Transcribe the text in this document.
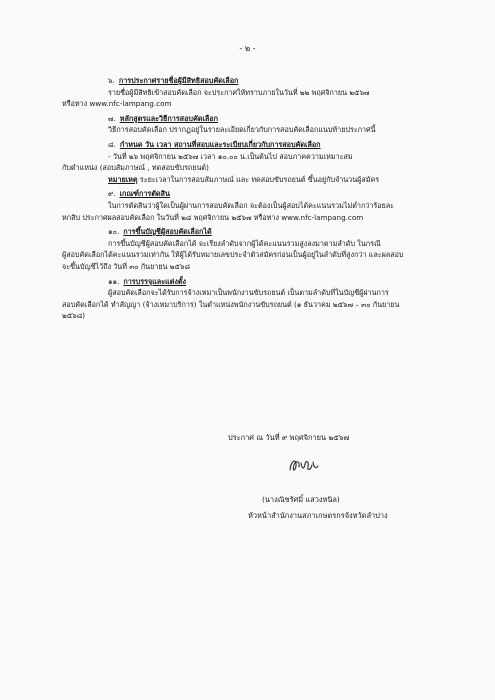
- ๒ -
๖. การประกาศรายชื่อผู้มีสิทธิสอบคัดเลือก

รายชื่อผู้มีสิทธิเข้าสอบคัดเลือก จะประกาศให้ทราบภายในวันที่ ๒๒ พฤศจิกายน ๒๕๖๗

หรือทาง www.nfc-lampang.com

๗. หลักสูตรและวิธีการสอบคัดเลือก

วิธีการสอบคัดเลือก ปรากฏอยู่ในรายละเอียดเกี่ยวกับการสอบคัดเลือกแนบท้ายประกาศนี้

๘. กำหนด วัน เวลา สถานที่สอบและระเบียบเกี่ยวกับการสอบคัดเลือก

- วันที่ ๒๖ พฤศจิกายน ๒๕๖๗ เวลา ๑๐.๐๐ น.เป็นต้นไป สอบภาคความเหมาะสม

กับตำแหน่ง (สอบสัมภาษณ์ , ทดสอบขับรถยนต์)

หมายเหตุ ระยะเวลาในการสอบสัมภาษณ์ และ ทดสอบขับรถยนต์ ขึ้นอยู่กับจำนวนผู้สมัคร

๙. เกณฑ์การตัดสิน

ในการตัดสินว่าผู้ใดเป็นผู้ผ่านการสอบคัดเลือก จะต้องเป็นผู้สอบได้คะแนนรวมไม่ต่ำกว่าร้อยละ

หกสิบ ประกาศผลสอบคัดเลือก ในวันที่ ๒๘ พฤศจิกายน ๒๕๖๗ หรือทาง www.nfc-lampang.com

๑๐. การขึ้นบัญชีผู้สอบคัดเลือกได้

การขึ้นบัญชีผู้สอบคัดเลือกได้ จะเรียงลำดับจากผู้ได้คะแนนรวมสูงลงมาตามลำดับ ในกรณี

ผู้สอบคัดเลือกได้คะแนนรวมเท่ากัน ให้ผู้ได้รับหมายเลขประจำตัวสมัครก่อนเป็นผู้อยู่ในลำดับที่สูงกว่า และผลสอบ

จะขึ้นบัญชีไว้ถึง วันที่ ๓๐ กันยายน ๒๕๖๘

๑๑. การบรรจุและแต่งตั้ง

ผู้สอบคัดเลือกจะได้รับการจ้างเหมาเป็นพนักงานขับรถยนต์ เป็นตามลำดับที่ในบัญชีผู้ผ่านการ

สอบคัดเลือกได้ ทำสัญญา (จ้างเหมาบริการ) ในตำแหน่งพนักงานขับรถยนต์ (๑ ธันวาคม ๒๕๖๗ – ๓๐ กันยายน

๒๕๖๘)

ประกาศ ณ วันที่ ๙ พฤศจิกายน ๒๕๖๗
(นางณิชรัศมิ์ แสวงหนิล)
หัวหน้าสำนักงานสภาเกษตรกรจังหวัดลำปาง
